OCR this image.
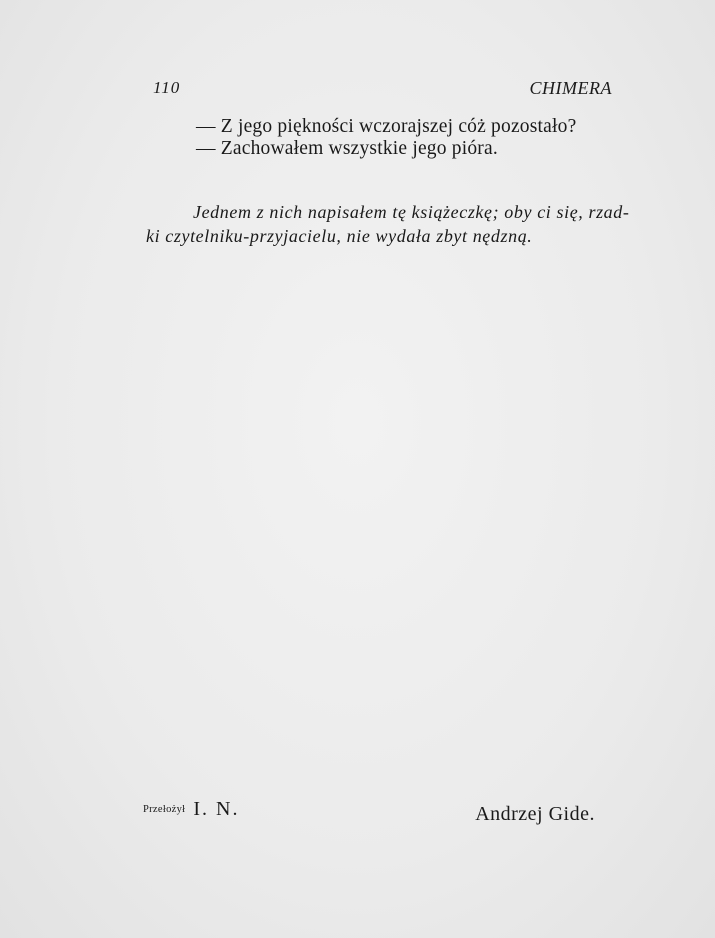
110	CHIMERA
— Z jego piękności wczorajszej cóż pozostało?
— Zachowałem wszystkie jego pióra.
Jednem z nich napisałem tę książeczkę; oby ci się, rzad-
ki czytelniku-przyjacielu, nie wydała zbyt nędzną.
Przełożył I. N.	Andrzej Gide.
